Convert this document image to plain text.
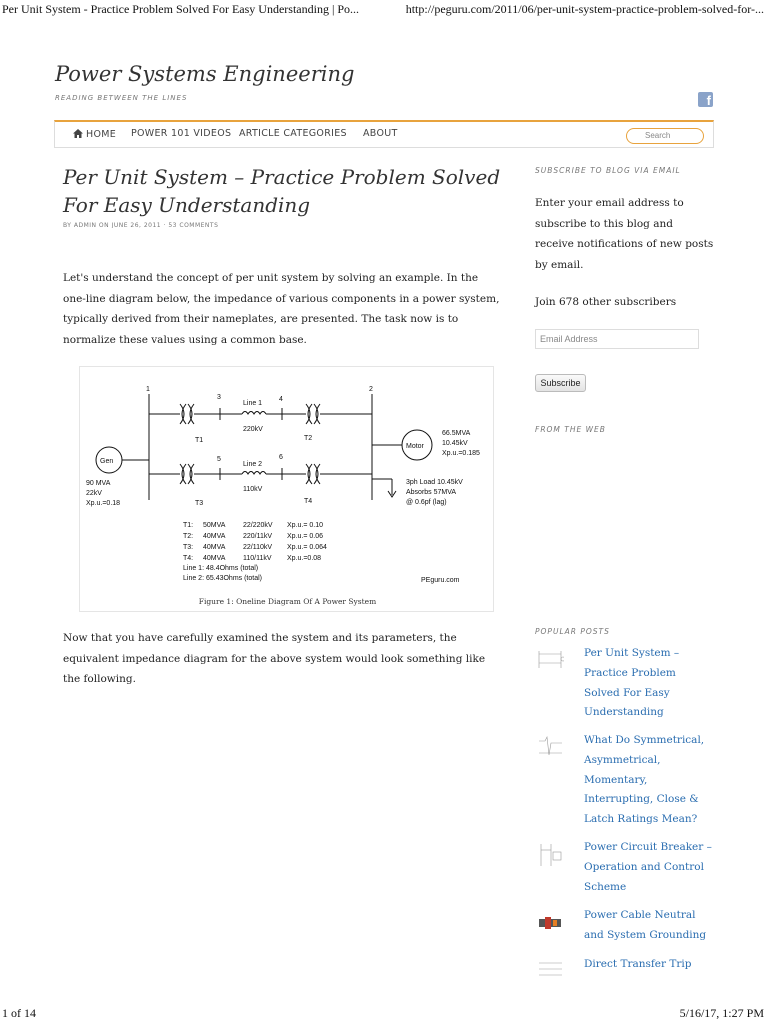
Per Unit System - Practice Problem Solved For Easy Understanding | Po...	http://peguru.com/2011/06/per-unit-system-practice-problem-solved-for-...
Power Systems Engineering
READING BETWEEN THE LINES	f
HOME POWER 101 VIDEOS ARTICLE CATEGORIES ABOUT	Search
Per Unit System – Practice Problem Solved For Easy Understanding
BY ADMIN ON JUNE 26, 2011 · 53 COMMENTS
Let's understand the concept of per unit system by solving an example. In the one-line diagram below, the impedance of various components in a power system, typically derived from their nameplates, are presented. The task now is to normalize these values using a common base.
1	2
3	4
5	6
Line 1
220kV
Line 2
110kV
T1	T2
T3	T4
Gen
90 MVA
22kV
Xp.u.=0.18
Motor
66.5MVA
10.45kV
Xp.u.=0.185
3ph Load 10.45kV
Absorbs 57MVA
@ 0.6pf (lag)
T1: 50MVA	22/220kV Xp.u.= 0.10
T2: 40MVA	220/11kV Xp.u.= 0.06
T3: 40MVA	22/110kV Xp.u.= 0.064
T4: 40MVA	110/11kV Xp.u.=0.08
Line 1: 48.4Ohms (total)
Line 2: 65.43Ohms (total)	PEguru.com
Figure 1: Oneline Diagram Of A Power System
Now that you have carefully examined the system and its parameters, the equivalent impedance diagram for the above system would look something like the following.
SUBSCRIBE TO BLOG VIA EMAIL
Enter your email address to subscribe to this blog and receive notifications of new posts by email.
Join 678 other subscribers
Email Address
Subscribe
FROM THE WEB
POPULAR POSTS
Per Unit System – Practice Problem Solved For Easy Understanding
What Do Symmetrical, Asymmetrical, Momentary, Interrupting, Close & Latch Ratings Mean?
Power Circuit Breaker – Operation and Control Scheme
Power Cable Neutral and System Grounding
Direct Transfer Trip
1 of 14	5/16/17, 1:27 PM
